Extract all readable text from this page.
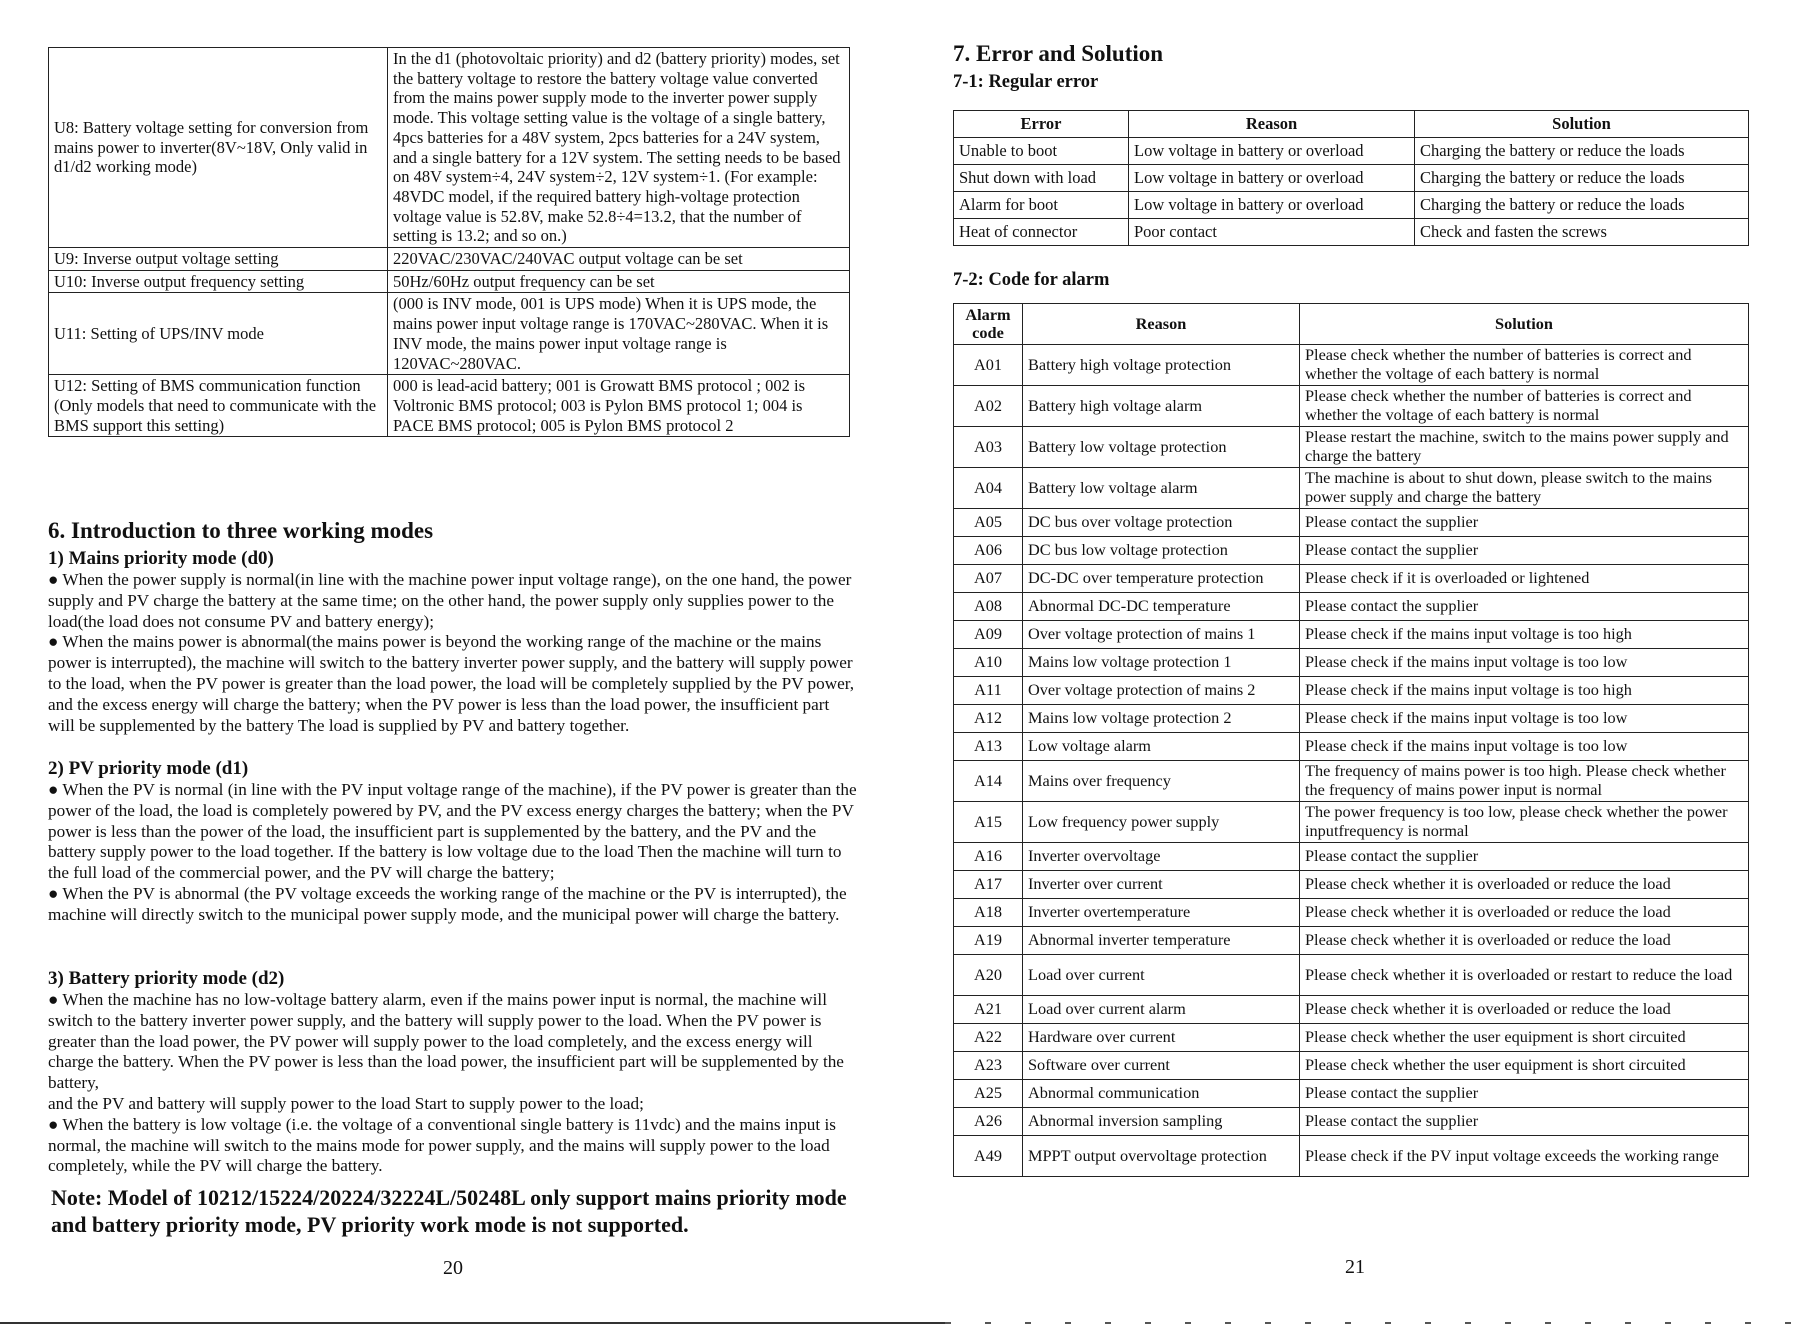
U8: Battery voltage setting for conversion from mains power to inverter(8V~18V, Only valid in d1/d2 working mode)	In the d1 (photovoltaic priority) and d2 (battery priority) modes, set the battery voltage to restore the battery voltage value converted from the mains power supply mode to the inverter power supply mode. This voltage setting value is the voltage of a single battery, 4pcs batteries for a 48V system, 2pcs batteries for a 24V system, and a single battery for a 12V system. The setting needs to be based on 48V system÷4, 24V system÷2, 12V system÷1. (For example: 48VDC model, if the required battery high-voltage protection voltage value is 52.8V, make 52.8÷4=13.2, that the number of setting is 13.2; and so on.)
U9: Inverse output voltage setting	220VAC/230VAC/240VAC output voltage can be set
U10: Inverse output frequency setting	50Hz/60Hz output frequency can be set
U11: Setting of UPS/INV mode	(000 is INV mode, 001 is UPS mode) When it is UPS mode, the mains power input voltage range is 170VAC~280VAC. When it is INV mode, the mains power input voltage range is 120VAC~280VAC.
U12: Setting of BMS communication function (Only models that need to communicate with the BMS support this setting)	000 is lead-acid battery; 001 is Growatt BMS protocol ; 002 is Voltronic BMS protocol; 003 is Pylon BMS protocol 1; 004 is PACE BMS protocol; 005 is Pylon BMS protocol 2
6. Introduction to three working modes
1) Mains priority mode (d0)

● When the power supply is normal(in line with the machine power input voltage range), on the one hand, the power supply and PV charge the battery at the same time; on the other hand, the power supply only supplies power to the load(the load does not consume PV and battery energy);

● When the mains power is abnormal(the mains power is beyond the working range of the machine or the mains power is interrupted), the machine will switch to the battery inverter power supply, and the battery will supply power to the load, when the PV power is greater than the load power, the load will be completely supplied by the PV power, and the excess energy will charge the battery; when the PV power is less than the load power, the insufficient part will be supplemented by the battery The load is supplied by PV and battery together.

2) PV priority mode (d1)

● When the PV is normal (in line with the PV input voltage range of the machine), if the PV power is greater than the power of the load, the load is completely powered by PV, and the PV excess energy charges the battery; when the PV power is less than the power of the load, the insufficient part is supplemented by the battery, and the PV and the battery supply power to the load together. If the battery is low voltage due to the load Then the machine will turn to the full load of the commercial power, and the PV will charge the battery;

● When the PV is abnormal (the PV voltage exceeds the working range of the machine or the PV is interrupted), the machine will directly switch to the municipal power supply mode, and the municipal power will charge the battery.

3) Battery priority mode (d2)

● When the machine has no low-voltage battery alarm, even if the mains power input is normal, the machine will switch to the battery inverter power supply, and the battery will supply power to the load. When the PV power is greater than the load power, the PV power will supply power to the load completely, and the excess energy will charge the battery. When the PV power is less than the load power, the insufficient part will be supplemented by the battery,

and the PV and battery will supply power to the load Start to supply power to the load;

● When the battery is low voltage (i.e. the voltage of a conventional single battery is 11vdc) and the mains input is normal, the machine will switch to the mains mode for power supply, and the mains will supply power to the load completely, while the PV will charge the battery.

Note: Model of 10212/15224/20224/32224L/50248L only support mains priority mode and battery priority mode, PV priority work mode is not supported.
20
7. Error and Solution
7-1: Regular error
Error	Reason	Solution
Unable to boot	Low voltage in battery or overload	Charging the battery or reduce the loads
Shut down with load	Low voltage in battery or overload	Charging the battery or reduce the loads
Alarm for boot	Low voltage in battery or overload	Charging the battery or reduce the loads
Heat of connector	Poor contact	Check and fasten the screws
7-2: Code for alarm
Alarm code	Reason	Solution
A01	Battery high voltage protection	Please check whether the number of batteries is correct and whether the voltage of each battery is normal
A02	Battery high voltage alarm	Please check whether the number of batteries is correct and whether the voltage of each battery is normal
A03	Battery low voltage protection	Please restart the machine, switch to the mains power supply and charge the battery
A04	Battery low voltage alarm	The machine is about to shut down, please switch to the mains power supply and charge the battery
A05	DC bus over voltage protection	Please contact the supplier
A06	DC bus low voltage protection	Please contact the supplier
A07	DC-DC over temperature protection	Please check if it is overloaded or lightened
A08	Abnormal DC-DC temperature	Please contact the supplier
A09	Over voltage protection of mains 1	Please check if the mains input voltage is too high
A10	Mains low voltage protection 1	Please check if the mains input voltage is too low
A11	Over voltage protection of mains 2	Please check if the mains input voltage is too high
A12	Mains low voltage protection 2	Please check if the mains input voltage is too low
A13	Low voltage alarm	Please check if the mains input voltage is too low
A14	Mains over frequency	The frequency of mains power is too high. Please check whether the frequency of mains power input is normal
A15	Low frequency power supply	The power frequency is too low, please check whether the power inputfrequency is normal
A16	Inverter overvoltage	Please contact the supplier
A17	Inverter over current	Please check whether it is overloaded or reduce the load
A18	Inverter overtemperature	Please check whether it is overloaded or reduce the load
A19	Abnormal inverter temperature	Please check whether it is overloaded or reduce the load
A20	Load over current	Please check whether it is overloaded or restart to reduce the load
A21	Load over current alarm	Please check whether it is overloaded or reduce the load
A22	Hardware over current	Please check whether the user equipment is short circuited
A23	Software over current	Please check whether the user equipment is short circuited
A25	Abnormal communication	Please contact the supplier
A26	Abnormal inversion sampling	Please contact the supplier
A49	MPPT output overvoltage protection	Please check if the PV input voltage exceeds the working range
21
